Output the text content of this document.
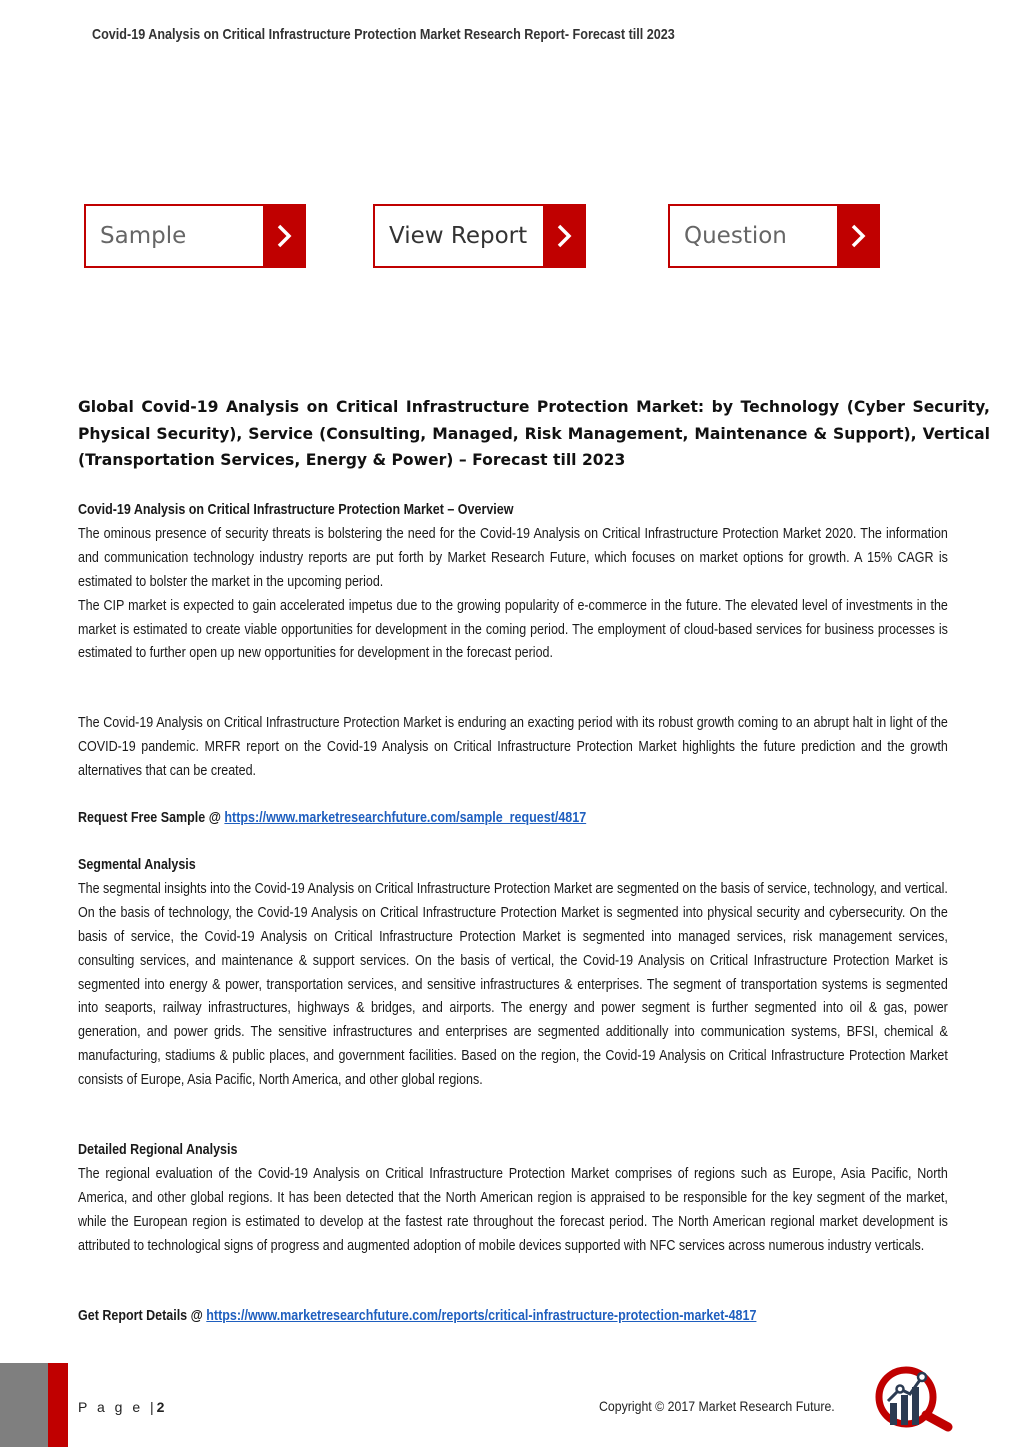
Covid-19 Analysis on Critical Infrastructure Protection Market Research Report- Forecast till 2023
Sample	View Report	Question
Global Covid-19 Analysis on Critical Infrastructure Protection Market: by Technology (Cyber Security, Physical Security), Service (Consulting, Managed, Risk Management, Maintenance & Support), Vertical (Transportation Services, Energy & Power) – Forecast till 2023
Covid-19 Analysis on Critical Infrastructure Protection Market – Overview

The ominous presence of security threats is bolstering the need for the Covid-19 Analysis on Critical Infrastructure Protection Market 2020. The information and communication technology industry reports are put forth by Market Research Future, which focuses on market options for growth. A 15% CAGR is estimated to bolster the market in the upcoming period.

The CIP market is expected to gain accelerated impetus due to the growing popularity of e-commerce in the future. The elevated level of investments in the market is estimated to create viable opportunities for development in the coming period. The employment of cloud-based services for business processes is estimated to further open up new opportunities for development in the forecast period.

The Covid-19 Analysis on Critical Infrastructure Protection Market is enduring an exacting period with its robust growth coming to an abrupt halt in light of the COVID-19 pandemic. MRFR report on the Covid-19 Analysis on Critical Infrastructure Protection Market highlights the future prediction and the growth alternatives that can be created.

Request Free Sample @ https://www.marketresearchfuture.com/sample_request/4817
Segmental Analysis

The segmental insights into the Covid-19 Analysis on Critical Infrastructure Protection Market are segmented on the basis of service, technology, and vertical. On the basis of technology, the Covid-19 Analysis on Critical Infrastructure Protection Market is segmented into physical security and cybersecurity. On the basis of service, the Covid-19 Analysis on Critical Infrastructure Protection Market is segmented into managed services, risk management services, consulting services, and maintenance & support services. On the basis of vertical, the Covid-19 Analysis on Critical Infrastructure Protection Market is segmented into energy & power, transportation services, and sensitive infrastructures & enterprises. The segment of transportation systems is segmented into seaports, railway infrastructures, highways & bridges, and airports. The energy and power segment is further segmented into oil & gas, power generation, and power grids. The sensitive infrastructures and enterprises are segmented additionally into communication systems, BFSI, chemical & manufacturing, stadiums & public places, and government facilities. Based on the region, the Covid-19 Analysis on Critical Infrastructure Protection Market consists of Europe, Asia Pacific, North America, and other global regions.

Detailed Regional Analysis

The regional evaluation of the Covid-19 Analysis on Critical Infrastructure Protection Market comprises of regions such as Europe, Asia Pacific, North America, and other global regions. It has been detected that the North American region is appraised to be responsible for the key segment of the market, while the European region is estimated to develop at the fastest rate throughout the forecast period. The North American regional market development is attributed to technological signs of progress and augmented adoption of mobile devices supported with NFC services across numerous industry verticals.

Get Report Details @ https://www.marketresearchfuture.com/reports/critical-infrastructure-protection-market-4817
P a g e |2	Copyright © 2017 Market Research Future.
